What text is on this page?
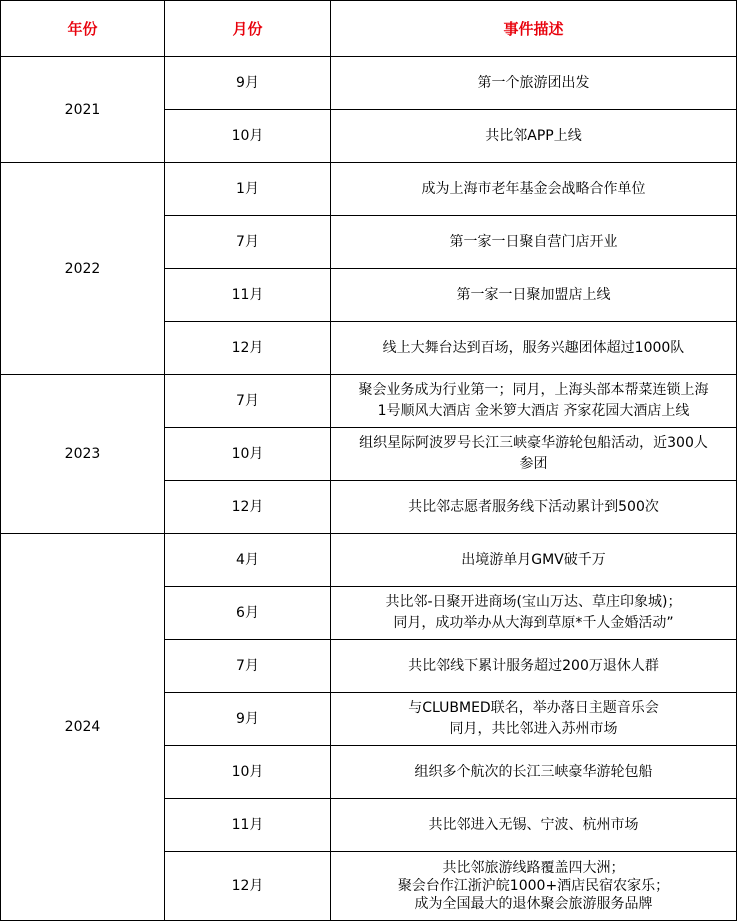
年份	月份	事件描述
2021	9月	第一个旅游团出发

	10月	共比邻APP上线

2022	1月	成为上海市老年基金会战略合作单位

	7月	第一家一日聚自营门店开业

	11月	第一家一日聚加盟店上线

	12月	线上大舞台达到百场，服务兴趣团体超过1000队

2023	7月	聚会业务成为行业第一；同月，上海头部本帮菜连锁上海
1号顺风大酒店 金米箩大酒店 齐家花园大酒店上线

	10月	组织星际阿波罗号长江三峡豪华游轮包船活动，近300人
参团

	12月	共比邻志愿者服务线下活动累计到500次

2024	4月	出境游单月GMV破千万

	6月	共比邻-日聚开进商场(宝山万达、草庄印象城)；
同月，成功举办从大海到草原*千人金婚活动”

	7月	共比邻线下累计服务超过200万退休人群

	9月	与CLUBMED联名，举办落日主题音乐会
同月，共比邻进入苏州市场

	10月	组织多个航次的长江三峡豪华游轮包船

	11月	共比邻进入无锡、宁波、杭州市场

	12月	共比邻旅游线路覆盖四大洲；
聚会台作江浙沪皖1000+酒店民宿农家乐；
成为全国最大的退休聚会旅游服务品牌
